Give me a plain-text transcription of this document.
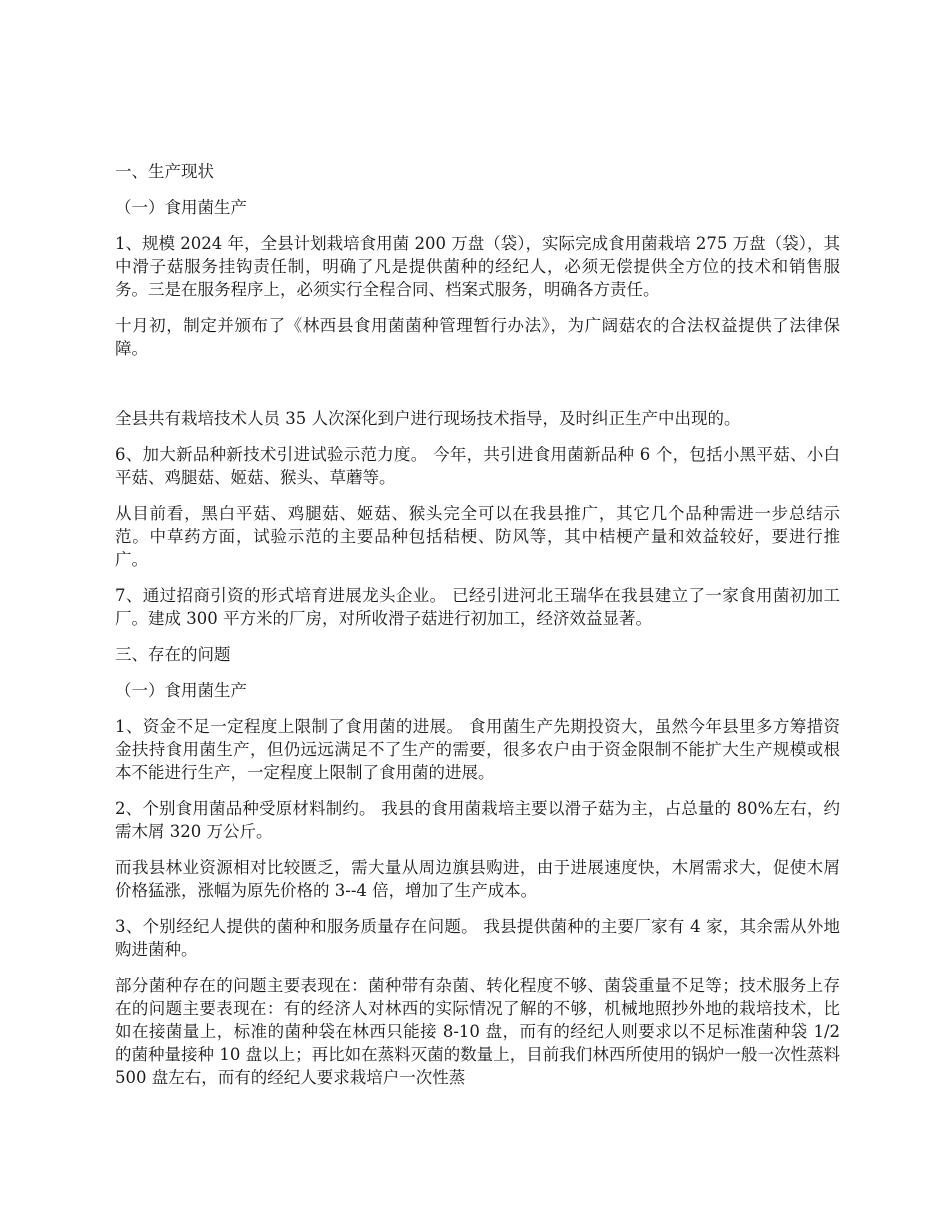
一、生产现状

（一）食用菌生产

1、规模 2024 年，全县计划栽培食用菌 200 万盘（袋），实际完成食用菌栽培 275 万盘（袋），其中滑子菇服务挂钩责任制，明确了凡是提供菌种的经纪人，必须无偿提供全方位的技术和销售服务。三是在服务程序上，必须实行全程合同、档案式服务，明确各方责任。

十月初，制定并颁布了《林西县食用菌菌种管理暂行办法》，为广阔菇农的合法权益提供了法律保障。

全县共有栽培技术人员 35 人次深化到户进行现场技术指导，及时纠正生产中出现的。

6、加大新品种新技术引进试验示范力度。 今年，共引进食用菌新品种 6 个，包括小黑平菇、小白平菇、鸡腿菇、姬菇、猴头、草蘑等。

从目前看，黑白平菇、鸡腿菇、姬菇、猴头完全可以在我县推广，其它几个品种需进一步总结示范。中草药方面，试验示范的主要品种包括秸梗、防风等，其中桔梗产量和效益较好，要进行推广。

7、通过招商引资的形式培育进展龙头企业。 已经引进河北王瑞华在我县建立了一家食用菌初加工厂。建成 300 平方米的厂房，对所收滑子菇进行初加工，经济效益显著。

三、存在的问题

（一）食用菌生产

1、资金不足一定程度上限制了食用菌的进展。 食用菌生产先期投资大，虽然今年县里多方筹措资金扶持食用菌生产，但仍远远满足不了生产的需要，很多农户由于资金限制不能扩大生产规模或根本不能进行生产，一定程度上限制了食用菌的进展。

2、个别食用菌品种受原材料制约。 我县的食用菌栽培主要以滑子菇为主，占总量的 80%左右，约需木屑 320 万公斤。

而我县林业资源相对比较匮乏，需大量从周边旗县购进，由于进展速度快，木屑需求大，促使木屑价格猛涨，涨幅为原先价格的 3--4 倍，增加了生产成本。

3、个别经纪人提供的菌种和服务质量存在问题。 我县提供菌种的主要厂家有 4 家，其余需从外地购进菌种。

部分菌种存在的问题主要表现在：菌种带有杂菌、转化程度不够、菌袋重量不足等；技术服务上存在的问题主要表现在：有的经济人对林西的实际情况了解的不够，机械地照抄外地的栽培技术，比如在接菌量上，标准的菌种袋在林西只能接 8-10 盘，而有的经纪人则要求以不足标准菌种袋 1/2 的菌种量接种 10 盘以上；再比如在蒸料灭菌的数量上，目前我们林西所使用的锅炉一般一次性蒸料 500 盘左右，而有的经纪人要求栽培户一次性蒸
